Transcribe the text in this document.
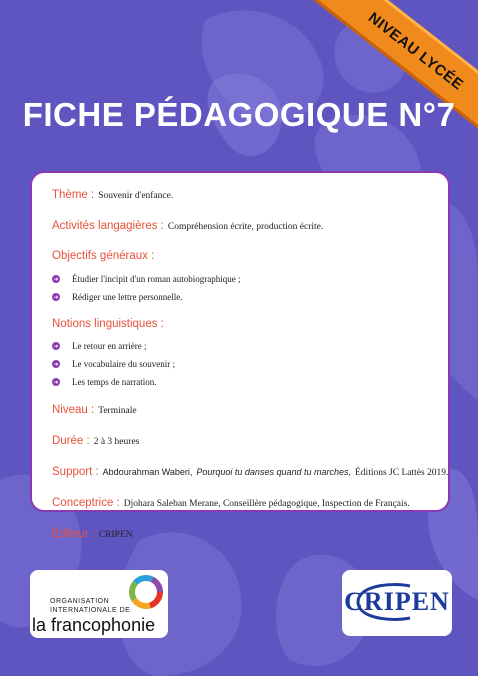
NIVEAU LYCÉE
FICHE PÉDAGOGIQUE N°7

Thème : Souvenir d'enfance.

Activités langagières : Compréhension écrite, production écrite.

Objectifs généraux :

➜ Étudier l'incipit d'un roman autobiographique ;
➜ Rédiger une lettre personnelle.

Notions linguistiques :

➜ Le retour en arrière ;
➜ Le vocabulaire du souvenir ;
➜ Les temps de narration.

Niveau : Terminale

Durée : 2 à 3 heures

Support : Abdourahman Waberi, Pourquoi tu danses quand tu marches, Éditions JC Lattès 2019.

Conceptrice : Djohara Saleban Merane, Conseillère pédagogique, Inspection de Français.

Éditeur : CRIPEN

ORGANISATION
INTERNATIONALE DE
la francophonie
CRIPEN
